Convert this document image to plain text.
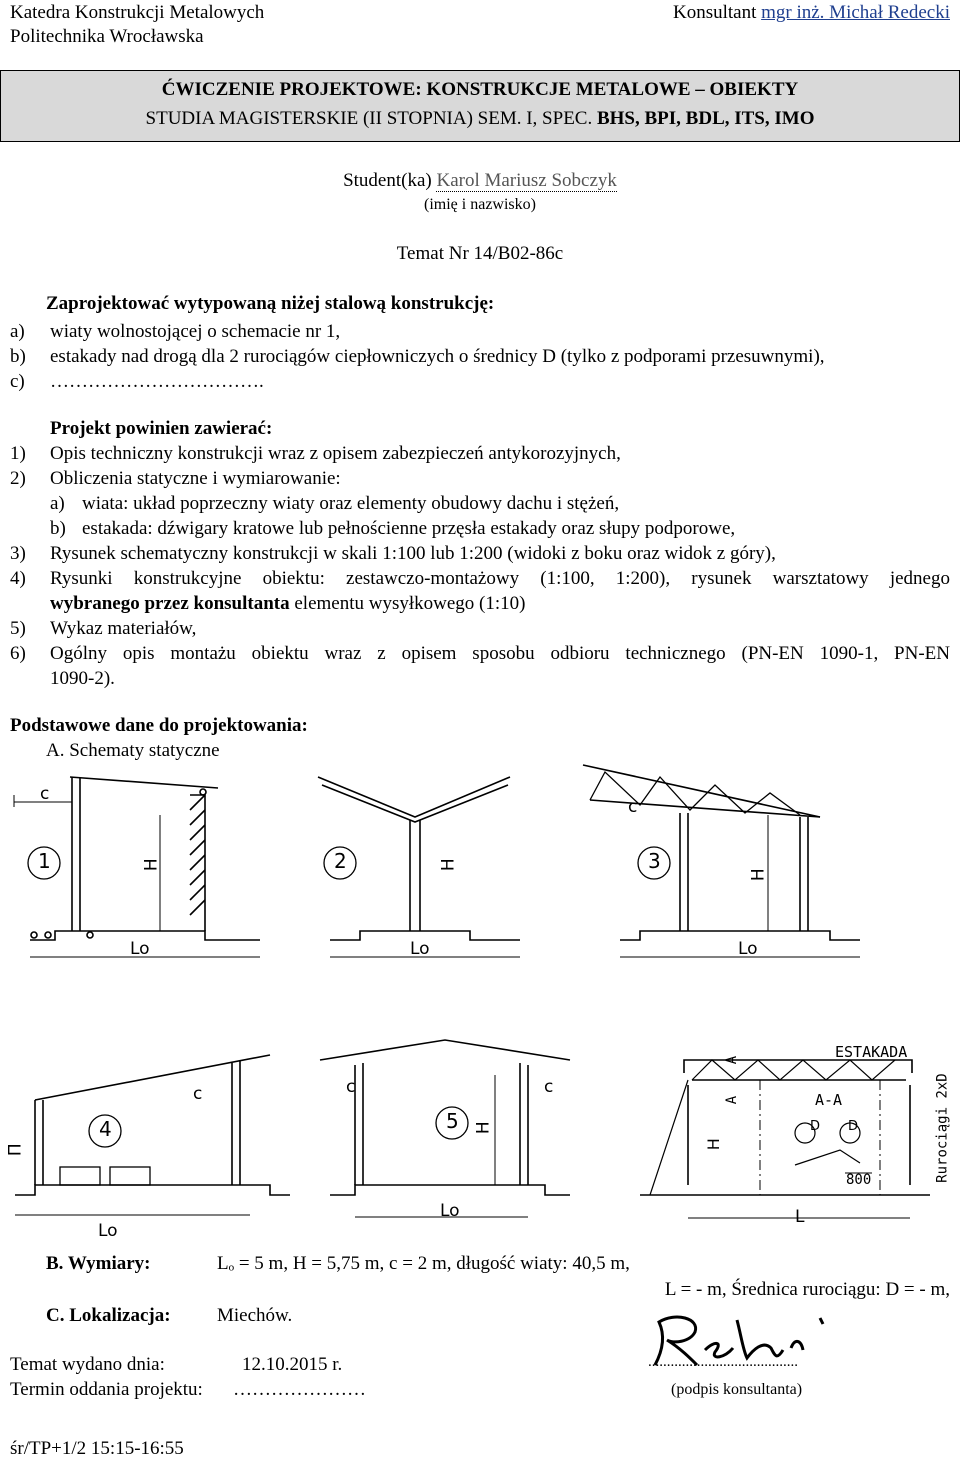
Katedra Konstrukcji Metalowych
Politechnika Wrocławska
Konsultant mgr inż. Michał Redecki
ĆWICZENIE PROJEKTOWE: KONSTRUKCJE METALOWE – OBIEKTY
STUDIA MAGISTERSKIE (II STOPNIA) SEM. I, SPEC. BHS, BPI, BDL, ITS, IMO
Student(ka) Karol Mariusz Sobczyk
(imię i nazwisko)
Temat Nr 14/B02-86c
Zaprojektować wytypowaną niżej stalową konstrukcję:
a) wiaty wolnostojącej o schemacie nr 1,
b) estakady nad drogą dla 2 rurociągów ciepłowniczych o średnicy D (tylko z podporami przesuwnymi),
c) …………………………….
Projekt powinien zawierać:
1) Opis techniczny konstrukcji wraz z opisem zabezpieczeń antykorozyjnych,
2) Obliczenia statyczne i wymiarowanie:
a) wiata: układ poprzeczny wiaty oraz elementy obudowy dachu i stężeń,
b) estakada: dźwigary kratowe lub pełnościenne przęsła estakady oraz słupy podporowe,
3) Rysunek schematyczny konstrukcji w skali 1:100 lub 1:200 (widoki z boku oraz widok z góry),
4) Rysunki konstrukcyjne obiektu: zestawczo-montażowy (1:100, 1:200), rysunek warsztatowy jednego
wybranego przez konsultanta elementu wysyłkowego (1:10)
5) Wykaz materiałów,
6) Ogólny opis montażu obiektu wraz z opisem sposobu odbioru technicznego (PN-EN 1090-1, PN-EN
1090-2).
Podstawowe dane do projektowania:
A. Schematy statyczne
c
H
Lo
1	H
Lo
2
c
H
Lo
3
П
c
Lo
4
c	c
H
Lo
5
ESTAKADA
A-A
A
A
H
D D
800
L
Rurociągi 2xD
B. Wymiary:	Lₒ = 5 m, H = 5,75 m, c = 2 m, długość wiaty: 40,5 m,
L = - m, Średnica rurociągu: D = - m,
C. Lokalizacja: Miechów.
Temat wydano dnia:	12.10.2015 r.	........................................
Termin oddania projektu: …………………	(podpis konsultanta)
śr/TP+1/2 15:15-16:55
